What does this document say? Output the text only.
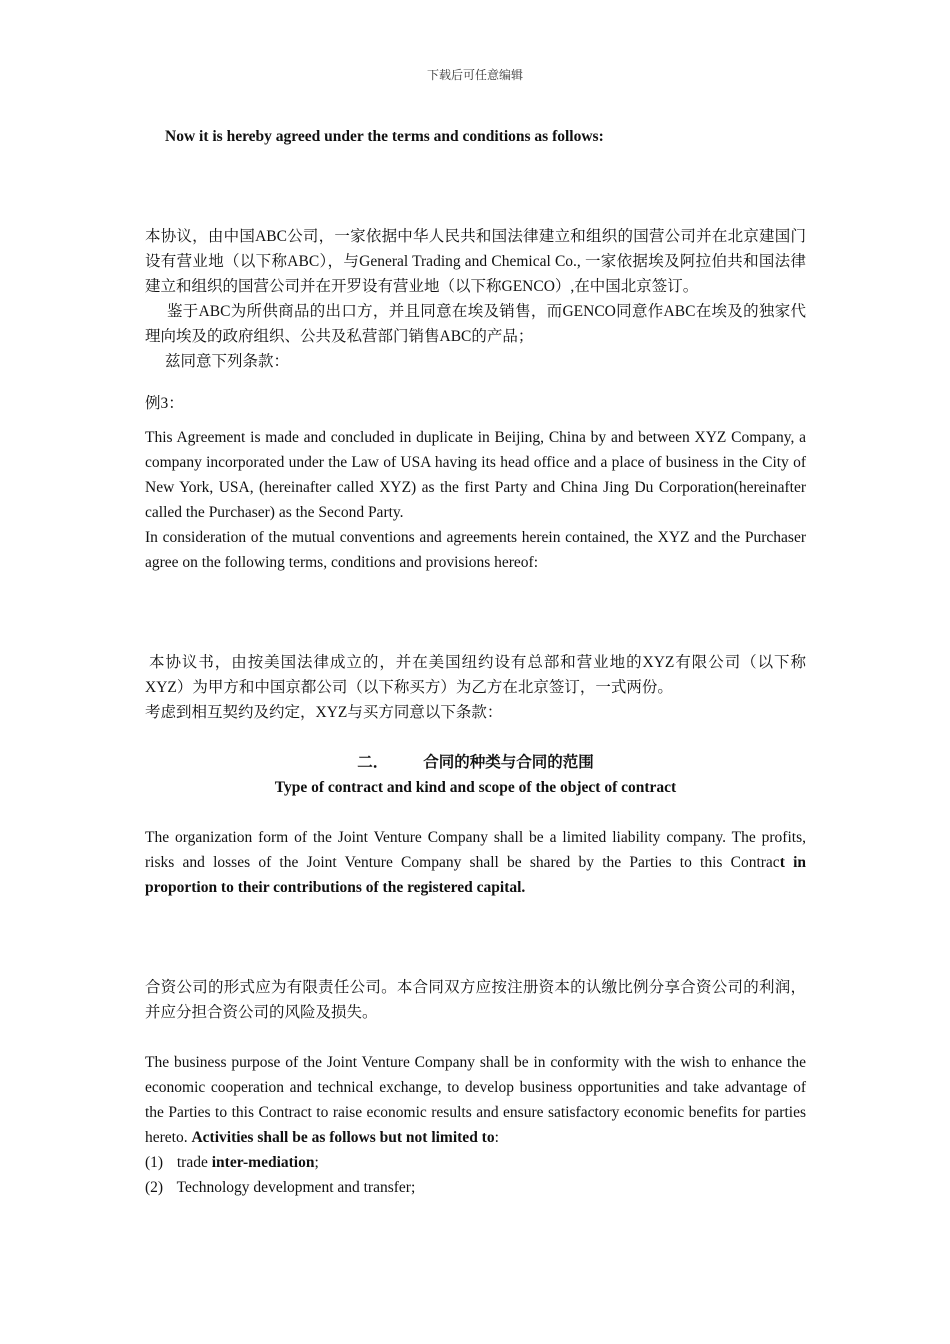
下载后可任意编辑

Now it is hereby agreed under the terms and conditions as follows:

本协议，由中国ABC公司，一家依据中华人民共和国法律建立和组织的国营公司并在北京建国门设有营业地（以下称ABC），与General Trading and Chemical Co., 一家依据埃及阿拉伯共和国法律建立和组织的国营公司并在开罗设有营业地（以下称GENCO）,在中国北京签订。

鉴于ABC为所供商品的出口方，并且同意在埃及销售，而GENCO同意作ABC在埃及的独家代理向埃及的政府组织、公共及私营部门销售ABC的产品；

兹同意下列条款：

例3：

This Agreement is made and concluded in duplicate in Beijing, China by and between XYZ Company, a company incorporated under the Law of USA having its head office and a place of business in the City of New York, USA, (hereinafter called XYZ) as the first Party and China Jing Du Corporation(hereinafter called the Purchaser) as the Second Party.

In consideration of the mutual conventions and agreements herein contained, the XYZ and the Purchaser agree on the following terms, conditions and provisions hereof:

本协议书，由按美国法律成立的，并在美国纽约设有总部和营业地的XYZ有限公司（以下称XYZ）为甲方和中国京都公司（以下称买方）为乙方在北京签订，一式两份。

考虑到相互契约及约定，XYZ与买方同意以下条款：

二． 合同的种类与合同的范围

Type of contract and kind and scope of the object of contract

The organization form of the Joint Venture Company shall be a limited liability company. The profits, risks and losses of the Joint Venture Company shall be shared by the Parties to this Contract in proportion to their contributions of the registered capital.

合资公司的形式应为有限责任公司。本合同双方应按注册资本的认缴比例分享合资公司的利润，并应分担合资公司的风险及损失。

The business purpose of the Joint Venture Company shall be in conformity with the wish to enhance the economic cooperation and technical exchange, to develop business opportunities and take advantage of the Parties to this Contract to raise economic results and ensure satisfactory economic benefits for parties hereto. Activities shall be as follows but not limited to:

(1) trade inter-mediation;

(2) Technology development and transfer;
